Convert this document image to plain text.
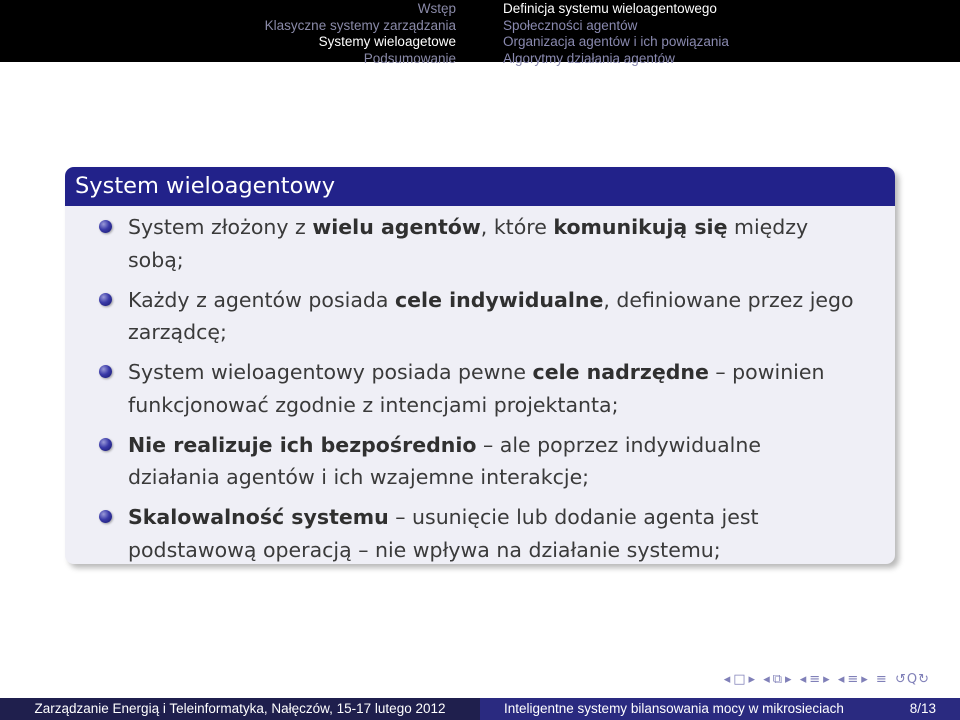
Wstęp
Klasyczne systemy zarządzania
Systemy wieloagetowe
Podsumowanie
Definicja systemu wieloagentowego
Społeczności agentów
Organizacja agentów i ich powiązania
Algorytmy działania agentów
System wieloagentowy
System złożony z wielu agentów, które komunikują się między sobą;
Każdy z agentów posiada cele indywidualne, definiowane przez jego zarządcę;
System wieloagentowy posiada pewne cele nadrzędne – powinien funkcjonować zgodnie z intencjami projektanta;
Nie realizuje ich bezpośrednio – ale poprzez indywidualne działania agentów i ich wzajemne interakcje;
Skalowalność systemu – usunięcie lub dodanie agenta jest podstawową operacją – nie wpływa na działanie systemu;
◂ □ ▸ ◂ ⧉ ▸ ◂ ≡ ▸ ◂ ≡ ▸ ≡ ↺Q↻
Zarządzanie Energią i Teleinformatyka, Nałęczów, 15-17 lutego 2012	Inteligentne systemy bilansowania mocy w mikrosieciach	8/13
